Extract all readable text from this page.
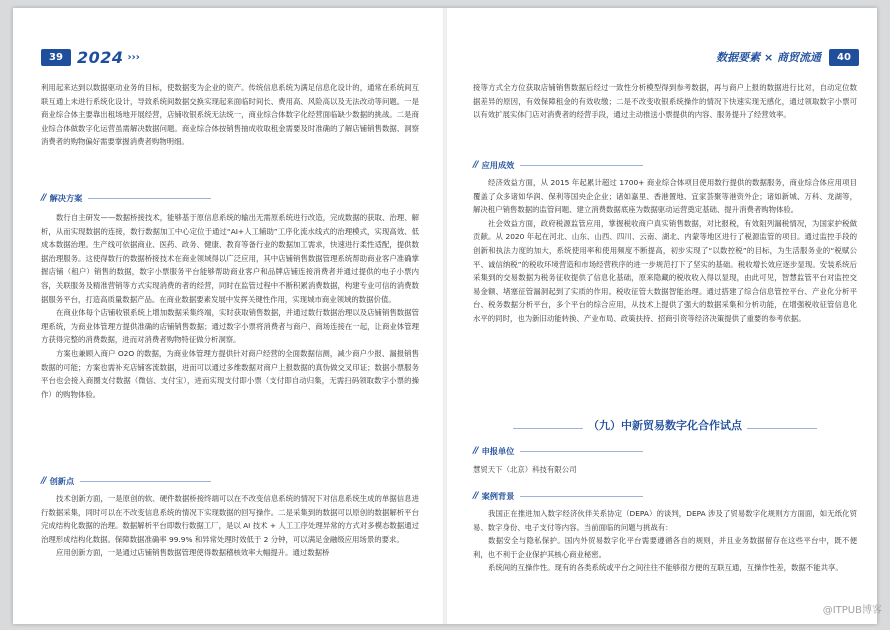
39 2024 ›››

利用起来达到以数据驱动业务的目标，使数据变为企业的资产。传统信息系统为满足信息化设计的，通常在系统间互联互通上未进行系统化设计，导致系统间数据交换实现起来面临时间长、费用高、风险高以及无法改动等问题。一是商业综合体主要靠出租场地开展经营，店铺收银系统无法统一，商业综合体数字化经营面临缺少数据的挑战。二是商业综合体做数字化运营虽需解决数据问题。商业综合体按销售抽成收取租金需要及时准确的了解店铺销售数据、洞察消费者的购物偏好需要掌握消费者购物明细。

// 解决方案

数行自主研发——数据桥接技术，能够基于原信息系统的输出无需原系统进行改造，完成数据的获取、治理、解析，从而实现数据的连接，数行数据加工中心定位于通过“AI+人工辅助”工序化流水线式的治理模式，实现高效、低成本数据治理。生产线可依据商业、医药、政务、健康、教育等备行业的数据加工需求，快速进行柔性适配，提供数据治理服务。这使得数行的数据桥接技术在商业领域得以广泛应用，其中店铺销售数据管理系统帮助商业客户准确掌握店铺（租户）销售的数据，数字小票服务平台能够帮助商业客户和品牌店铺连接消费者并通过提供的电子小票内容，关联服务及精准营销等方式实现消费的者的经营，同时在监管过程中不断积累消费数据，构建专业可信的消费数据服务平台，打造高质量数据产品。在商业数据要素发展中发挥关键性作用，实现城市商业领域的数据价值。

在商业体每个店铺收银系统上增加数据采集终端，实时获取销售数据，并通过数行数据治理以及店铺销售数据管理系统，为商业体管理方提供准确的店铺销售数据；通过数字小票将消费者与商户、商场连接在一起，让商业体管理方获得完整的消费数据，进而对消费者购物特征做分析洞察。

方案也兼顾入商户 O2O 的数据，为商业体管理方提供针对商户经营的全面数据信测，减少商户少报、漏报销售数据的可能；方案也需补充店铺客流数据，进而可以通过多维数据对商户上报数据的真伪做交叉印证；数据小票服务平台也会接入商圈支付数据（微信、支付宝），进而实现支付即小票（支付即自动归集，无需扫码领取数字小票的操作）的购物体验。

// 创新点

技术创新方面，一是原创的软、硬件数据桥接终端可以在不改变信息系统的情况下对信息系统生成的单据信息进行数据采集，同时可以在不改变信息系统的情况下实现数据的回写操作。二是采集到的数据可以原创的数据解析平台完成结构化数据的治理。数据解析平台即数行数据工厂，是以 AI 技术 + 人工工序处理异常的方式对多模态数据通过治理形成结构化数据。保障数据准确率 99.9% 和异常处理时效低于 2 分钟，可以满足金融级应用场景的要求。

应用创新方面，一是通过店铺销售数据管理使得数据稽核效率大幅提升。通过数据桥

数据要素 × 商贸流通	40

接等方式全方位获取店铺销售数据后经过一致性分析模型得到参考数据，再与商户上报的数据进行比对，自动定位数据差异的原因，有效保障租金的有效收缴；二是不改变收银系统操作的情况下快速实现无感化，通过领取数字小票可以有效扩展实体门店对消费者的经营手段，通过主动推送小票提供的内容、服务提升了经营效率。

// 应用成效

经济效益方面，从 2015 年起累计超过 1700+ 商业综合体项目使用数行提供的数据服务，商业综合体应用项目覆盖了众多诸如华润、保利等国央企企业；诸如嘉里、香港置地、宜家荟聚等港资外企；诸如新城、万科、龙湖等，解决租户销售数据的监管问题、建立消费数据底座为数据驱动运营奠定基础、提升消费者购物体验。

社会效益方面，政府税源监管应用，掌握税收商户真实销售数据，对比报税，有效阻列漏税情况，为国家护税做贡献。从 2020 年起在河北、山东、山西、四川、云南、湖北、内蒙等地区进行了税源监管的项目。通过监控手段的创新和执法力度的加大，系统使用率和使用频度不断提高，初步实现了“以数控税”的目标，为生活服务业的“税赋公平、诚信纳税”的税收环境营造和市场经营秩序的进一步规范打下了坚实的基础。税收增长效应逐步显现。安装系统后采集到的交易数据为税务征收提供了信息化基础，原来隐藏的税收收入得以显现，由此可见，智慧监管平台对监控交易金额、堵塞征管漏洞起到了实质的作用。税收征管大数据智能治理。通过搭建了综合信息管控平台、产业化分析平台、税务数据分析平台，多个平台的综合应用，从技术上提供了强大的数据采集和分析功能，在增强税收征管信息化水平的同时，也为新旧动能转换、产业布局、政策扶持、招商引资等经济决策提供了重要的参考依据。

（九）中新贸易数字化合作试点
// 申报单位

慧贸天下（北京）科技有限公司

// 案例背景

我国正在推进加入数字经济伙伴关系协定（DEPA）的谈判，DEPA 涉及了贸易数字化规则方方面面，如无纸化贸易、数字身份、电子支付等内容。当前面临的问题与挑战有：

数据安全与隐私保护。国内外贸易数字化平台需要遵循各自的规则，并且业务数据留存在这些平台中，既不便利，也不利于企业保护其核心商业秘密。

系统间的互操作性。现有的各类系统或平台之间往往不能够很方便的互联互通，互操作性差，数据不能共享。

@ITPUB博客
